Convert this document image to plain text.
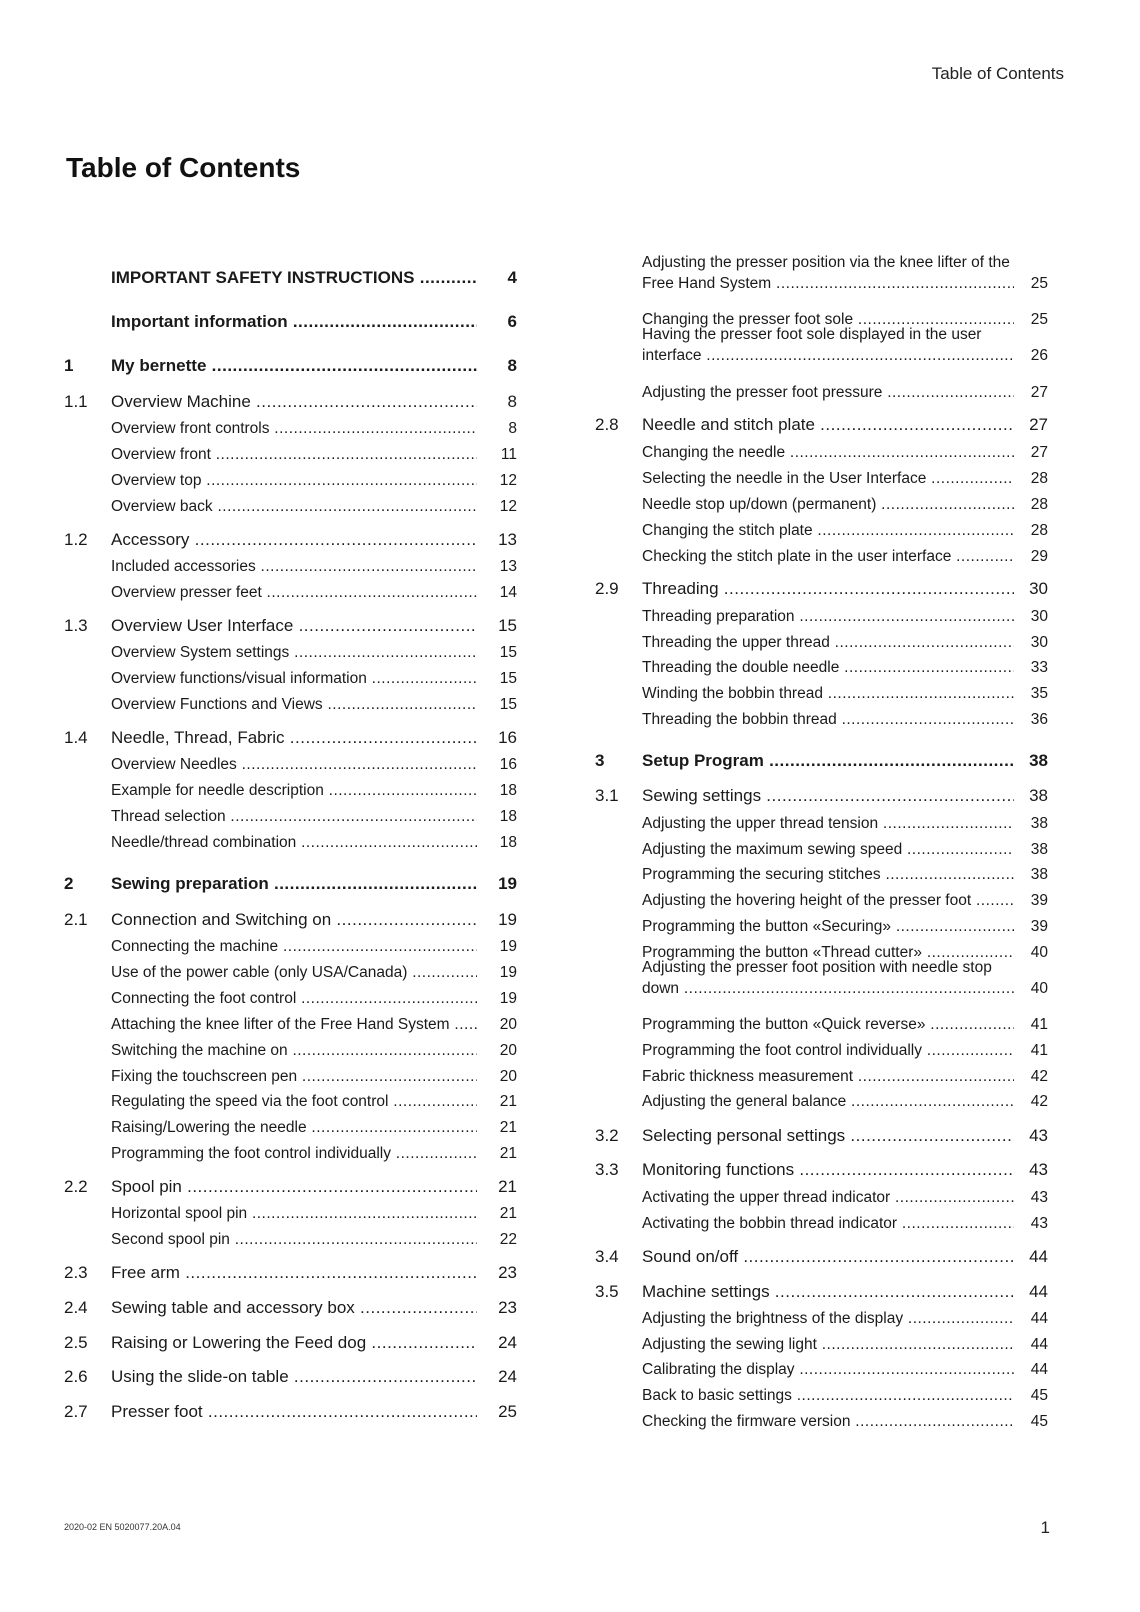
Table of Contents
Table of Contents
IMPORTANT SAFETY INSTRUCTIONS .....	4
Important information .....	6
1 My bernette .....	8
1.1 Overview Machine .....	8
Overview front controls .....	8
Overview front .....	11
Overview top .....	12
Overview back .....	12
1.2 Accessory .....	13
Included accessories .....	13
Overview presser feet .....	14
1.3 Overview User Interface .....	15
Overview System settings .....	15
Overview functions/visual information .....	15
Overview Functions and Views .....	15
1.4 Needle, Thread, Fabric .....	16
Overview Needles .....	16
Example for needle description .....	18
Thread selection .....	18
Needle/thread combination .....	18
2 Sewing preparation .....	19
2.1 Connection and Switching on .....	19
Connecting the machine .....	19
Use of the power cable (only USA/Canada) .....	19
Connecting the foot control .....	19
Attaching the knee lifter of the Free Hand System .....	20
Switching the machine on .....	20
Fixing the touchscreen pen .....	20
Regulating the speed via the foot control .....	21
Raising/Lowering the needle .....	21
Programming the foot control individually .....	21
2.2 Spool pin .....	21
Horizontal spool pin .....	21
Second spool pin .....	22
2.3 Free arm .....	23
2.4 Sewing table and accessory box .....	23
2.5 Raising or Lowering the Feed dog .....	24
2.6 Using the slide-on table .....	24
2.7 Presser foot .....	25
Adjusting the presser position via the knee lifter of the
Free Hand System .....	25
Changing the presser foot sole .....	25
Having the presser foot sole displayed in the user
interface .....	26
Adjusting the presser foot pressure .....	27
2.8 Needle and stitch plate .....	27
Changing the needle .....	27
Selecting the needle in the User Interface .....	28
Needle stop up/down (permanent) .....	28
Changing the stitch plate .....	28
Checking the stitch plate in the user interface .....	29
2.9 Threading .....	30
Threading preparation .....	30
Threading the upper thread .....	30
Threading the double needle .....	33
Winding the bobbin thread .....	35
Threading the bobbin thread .....	36
3 Setup Program .....	38
3.1 Sewing settings .....	38
Adjusting the upper thread tension .....	38
Adjusting the maximum sewing speed .....	38
Programming the securing stitches .....	38
Adjusting the hovering height of the presser foot .....	39
Programming the button «Securing» .....	39
Programming the button «Thread cutter» .....	40
Adjusting the presser foot position with needle stop
down .....	40
Programming the button «Quick reverse» .....	41
Programming the foot control individually .....	41
Fabric thickness measurement .....	42
Adjusting the general balance .....	42
3.2 Selecting personal settings .....	43
3.3 Monitoring functions .....	43
Activating the upper thread indicator .....	43
Activating the bobbin thread indicator .....	43
3.4 Sound on/off .....	44
3.5 Machine settings .....	44
Adjusting the brightness of the display .....	44
Adjusting the sewing light .....	44
Calibrating the display .....	44
Back to basic settings .....	45
Checking the firmware version .....	45
2020-02 EN 5020077.20A.04	1
